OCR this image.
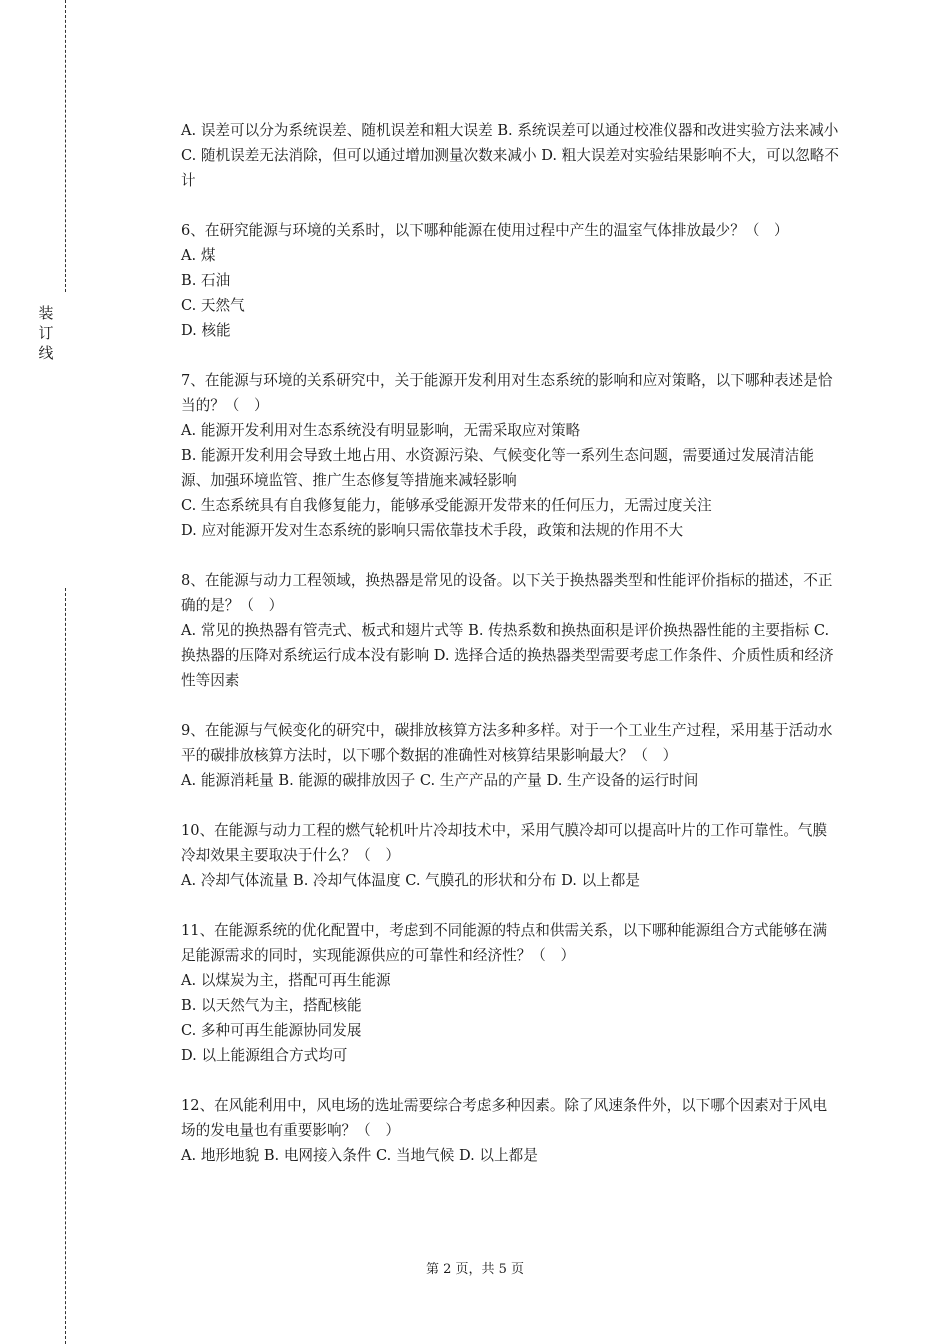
装
订
线

A. 误差可以分为系统误差、随机误差和粗大误差 B. 系统误差可以通过校准仪器和改进实验方法来减小 C. 随机误差无法消除，但可以通过增加测量次数来减小 D. 粗大误差对实验结果影响不大，可以忽略不计

6、在研究能源与环境的关系时，以下哪种能源在使用过程中产生的温室气体排放最少？（　）

A. 煤

B. 石油

C. 天然气

D. 核能

7、在能源与环境的关系研究中，关于能源开发利用对生态系统的影响和应对策略，以下哪种表述是恰当的？（　）

A. 能源开发利用对生态系统没有明显影响，无需采取应对策略

B. 能源开发利用会导致土地占用、水资源污染、气候变化等一系列生态问题，需要通过发展清洁能源、加强环境监管、推广生态修复等措施来减轻影响

C. 生态系统具有自我修复能力，能够承受能源开发带来的任何压力，无需过度关注

D. 应对能源开发对生态系统的影响只需依靠技术手段，政策和法规的作用不大

8、在能源与动力工程领域，换热器是常见的设备。以下关于换热器类型和性能评价指标的描述，不正确的是？（　）

A. 常见的换热器有管壳式、板式和翅片式等 B. 传热系数和换热面积是评价换热器性能的主要指标 C. 换热器的压降对系统运行成本没有影响 D. 选择合适的换热器类型需要考虑工作条件、介质性质和经济性等因素

9、在能源与气候变化的研究中，碳排放核算方法多种多样。对于一个工业生产过程，采用基于活动水平的碳排放核算方法时，以下哪个数据的准确性对核算结果影响最大？（　）

A. 能源消耗量 B. 能源的碳排放因子 C. 生产产品的产量 D. 生产设备的运行时间

10、在能源与动力工程的燃气轮机叶片冷却技术中，采用气膜冷却可以提高叶片的工作可靠性。气膜冷却效果主要取决于什么？（　）

A. 冷却气体流量 B. 冷却气体温度 C. 气膜孔的形状和分布 D. 以上都是

11、在能源系统的优化配置中，考虑到不同能源的特点和供需关系，以下哪种能源组合方式能够在满足能源需求的同时，实现能源供应的可靠性和经济性？（　）

A. 以煤炭为主，搭配可再生能源

B. 以天然气为主，搭配核能

C. 多种可再生能源协同发展

D. 以上能源组合方式均可

12、在风能利用中，风电场的选址需要综合考虑多种因素。除了风速条件外，以下哪个因素对于风电场的发电量也有重要影响？（　）

A. 地形地貌 B. 电网接入条件 C. 当地气候 D. 以上都是

第 2 页，共 5 页
